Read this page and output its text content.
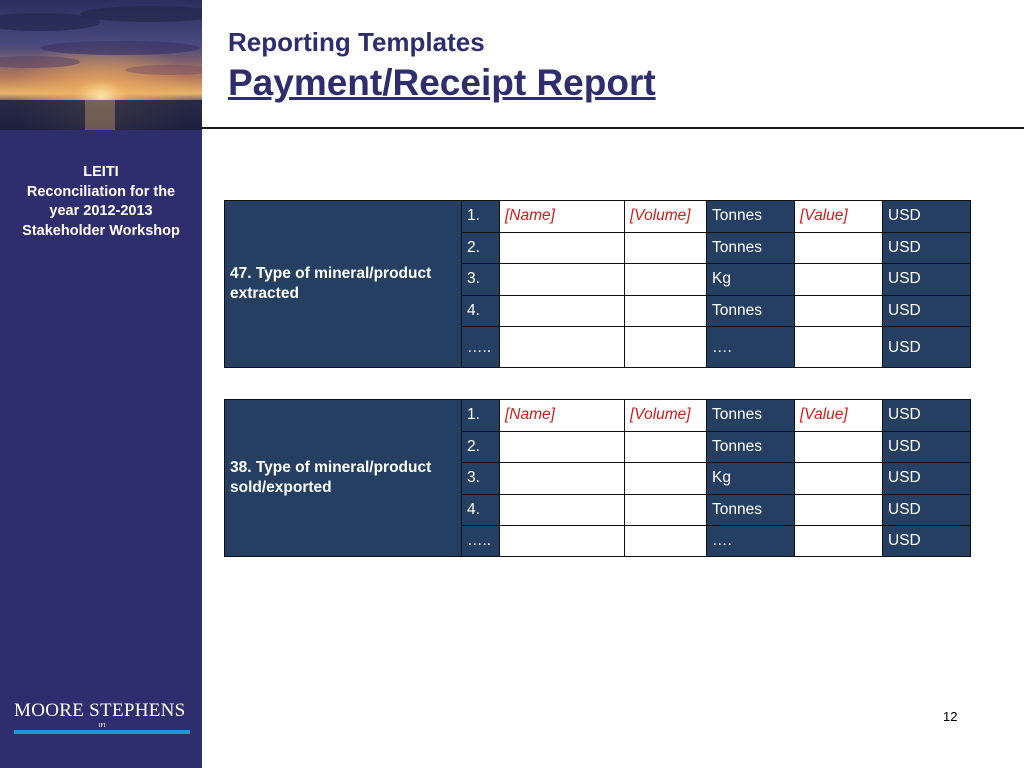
LEITI
Reconciliation for the
year 2012-2013
Stakeholder Workshop
MOORE STEPHENS
IFI
Reporting Templates
Payment/Receipt Report
47. Type of mineral/product extracted	1.	[Name]	[Volume]	Tonnes	[Value]	USD
	2.			Tonnes		USD
	3.			Kg		USD
	4.			Tonnes		USD
	…..			….		USD
38. Type of mineral/product sold/exported	1.	[Name]	[Volume]	Tonnes	[Value]	USD
	2.			Tonnes		USD
	3.			Kg		USD
	4.			Tonnes		USD
	…..			….		USD
12
